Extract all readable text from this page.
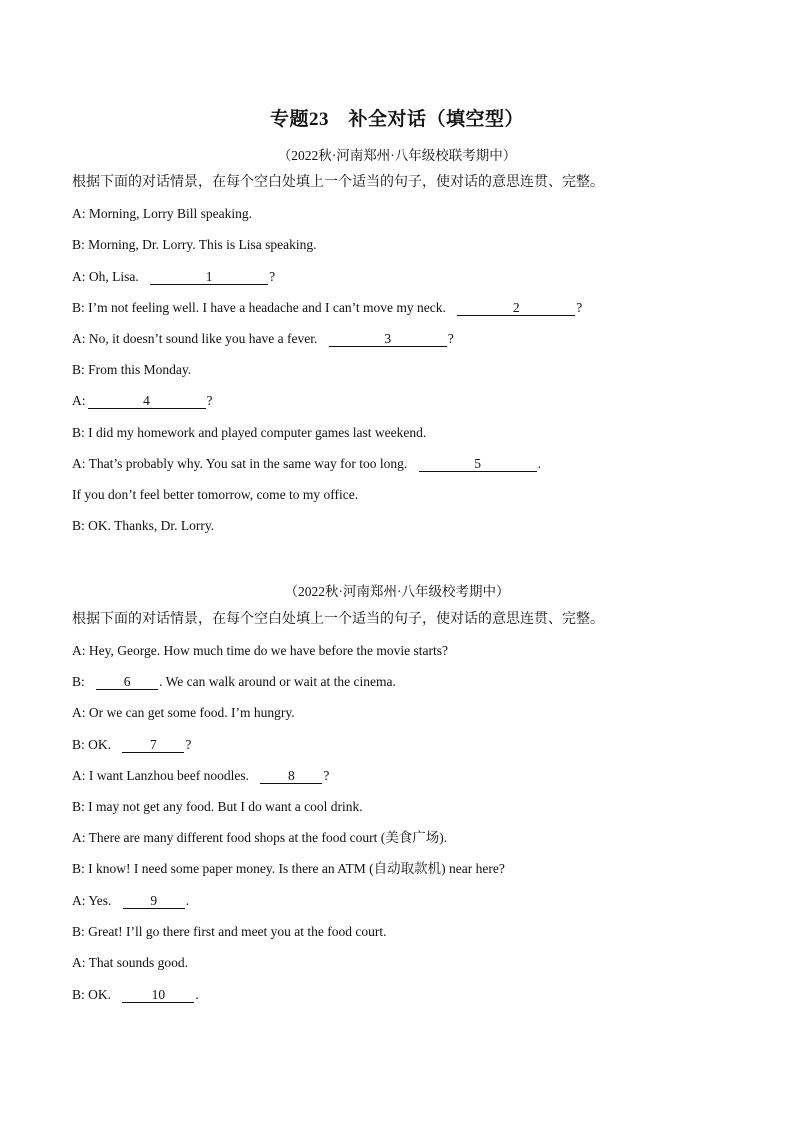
专题23　补全对话（填空型）
（2022秋·河南郑州·八年级校联考期中）
根据下面的对话情景，在每个空白处填上一个适当的句子，使对话的意思连贯、完整。
A: Morning, Lorry Bill speaking.
B: Morning, Dr. Lorry. This is Lisa speaking.
A: Oh, Lisa.	1	?
B: I’m not feeling well. I have a headache and I can’t move my neck.	2	?
A: No, it doesn’t sound like you have a fever.	3	?
B: From this Monday.
A:	4	?
B: I did my homework and played computer games last weekend.
A: That’s probably why. You sat in the same way for too long.	5	.
If you don’t feel better tomorrow, come to my office.
B: OK. Thanks, Dr. Lorry.
（2022秋·河南郑州·八年级校考期中）
根据下面的对话情景，在每个空白处填上一个适当的句子，使对话的意思连贯、完整。
A: Hey, George. How much time do we have before the movie starts?
B:	6 . We can walk around or wait at the cinema.
A: Or we can get some food. I’m hungry.
B: OK.	7 ?
A: I want Lanzhou beef noodles.	8 ?
B: I may not get any food. But I do want a cool drink.
A: There are many different food shops at the food court (美食广场).
B: I know! I need some paper money. Is there an ATM (自动取款机) near here?
A: Yes.	9 .
B: Great! I’ll go there first and meet you at the food court.
A: That sounds good.
B: OK.	10 .
